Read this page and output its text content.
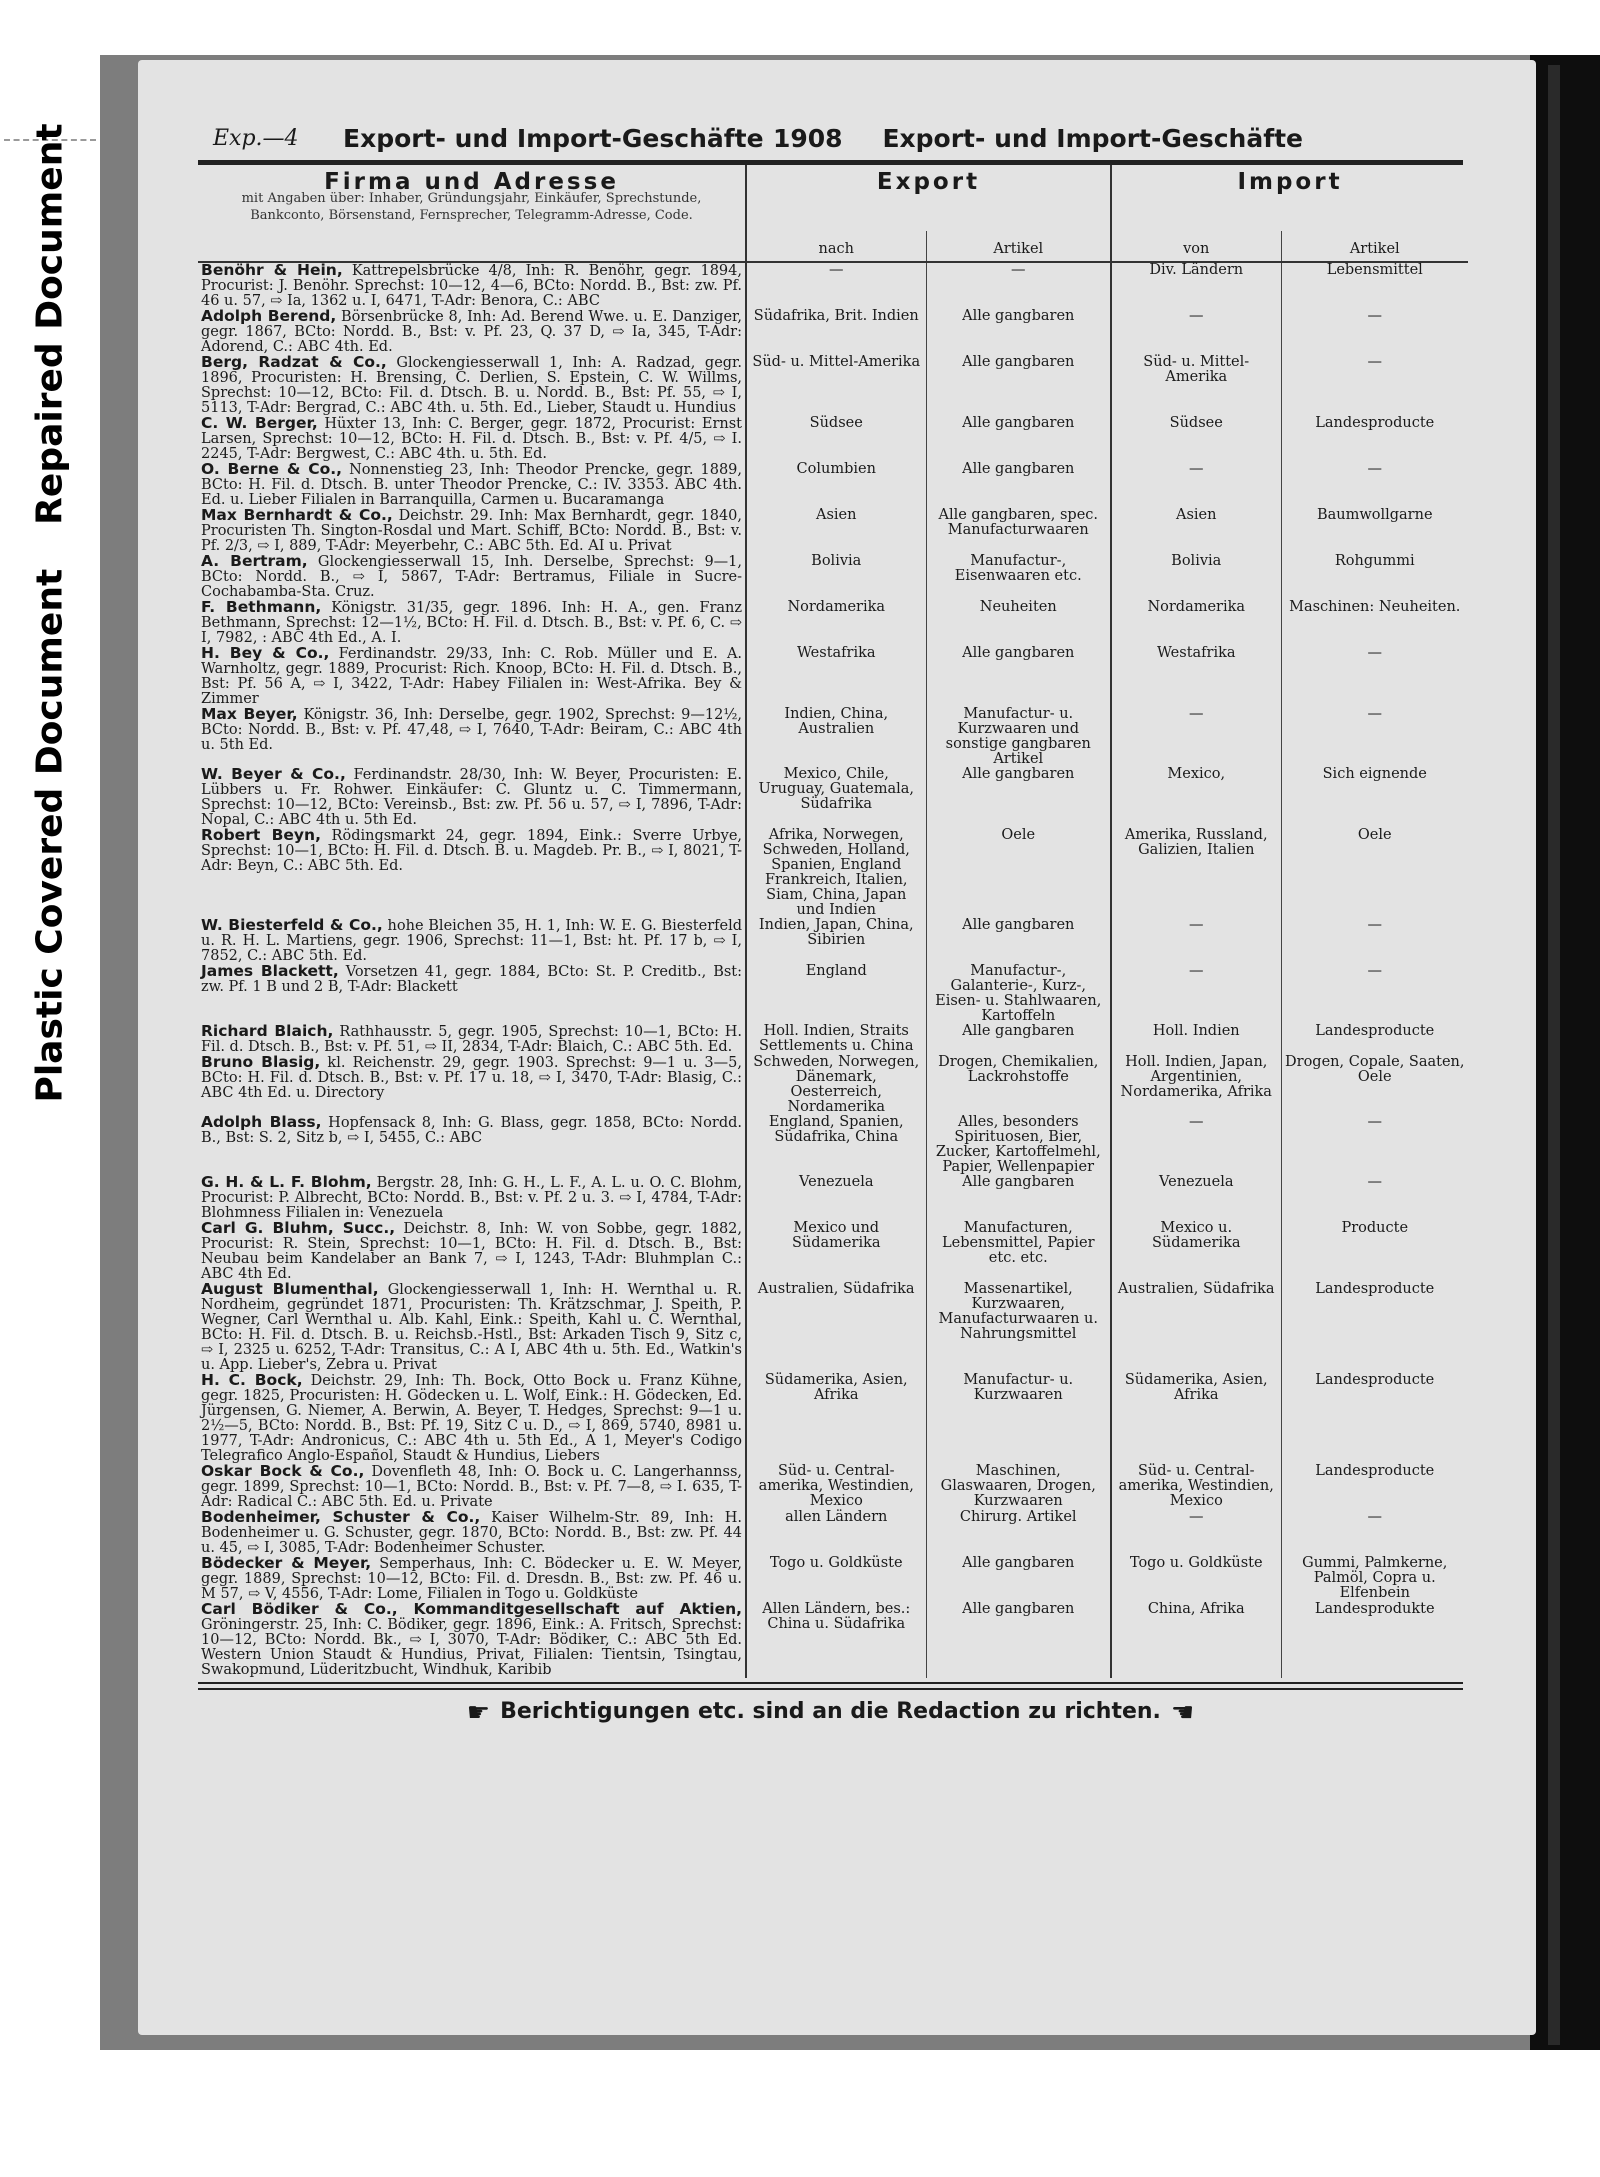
Plastic Covered DocumentRepaired Document	Exp.—4 Export- und Import-Geschäfte 1908 Export- und Import-Geschäfte
Firma und Adresse
mit Angaben über: Inhaber, Gründungsjahr, Einkäufer, Sprechstunde, Bankconto, Börsenstand, Fernsprecher, Telegramm-Adresse, Code.	Export		Import	

	nach	Artikel	von	Artikel
Benöhr & Hein, Kattrepelsbrücke 4/8, Inh: R. Benöhr, gegr. 1894, Procurist: J. Benöhr. Sprechst: 10—12, 4—6, BCto: Nordd. B., Bst: zw. Pf. 46 u. 57, ⇨ Ia, 1362 u. I, 6471, T-Adr: Benora, C.: ABC	—	—	Div. Ländern	Lebensmittel
Adolph Berend, Börsenbrücke 8, Inh: Ad. Berend Wwe. u. E. Danziger, gegr. 1867, BCto: Nordd. B., Bst: v. Pf. 23, Q. 37 D, ⇨ Ia, 345, T-Adr: Adorend, C.: ABC 4th. Ed.	Südafrika, Brit. Indien	Alle gangbaren	—	—
Berg, Radzat & Co., Glockengiesserwall 1, Inh: A. Radzad, gegr. 1896, Procuristen: H. Brensing, C. Derlien, S. Epstein, C. W. Willms, Sprechst: 10—12, BCto: Fil. d. Dtsch. B. u. Nordd. B., Bst: Pf. 55, ⇨ I, 5113, T-Adr: Bergrad, C.: ABC 4th. u. 5th. Ed., Lieber, Staudt u. Hundius	Süd- u. Mittel-Amerika	Alle gangbaren	Süd- u. Mittel-Amerika	—
C. W. Berger, Hüxter 13, Inh: C. Berger, gegr. 1872, Procurist: Ernst Larsen, Sprechst: 10—12, BCto: H. Fil. d. Dtsch. B., Bst: v. Pf. 4/5, ⇨ I. 2245, T-Adr: Bergwest, C.: ABC 4th. u. 5th. Ed.	Südsee	Alle gangbaren	Südsee	Landesproducte
O. Berne & Co., Nonnenstieg 23, Inh: Theodor Prencke, gegr. 1889, BCto: H. Fil. d. Dtsch. B. unter Theodor Prencke, C.: IV. 3353. ABC 4th. Ed. u. Lieber Filialen in Barranquilla, Carmen u. Bucaramanga	Columbien	Alle gangbaren	—	—
Max Bernhardt & Co., Deichstr. 29. Inh: Max Bernhardt, gegr. 1840, Procuristen Th. Sington-Rosdal und Mart. Schiff, BCto: Nordd. B., Bst: v. Pf. 2/3, ⇨ I, 889, T-Adr: Meyerbehr, C.: ABC 5th. Ed. AI u. Privat	Asien	Alle gangbaren, spec. Manufacturwaaren	Asien	Baumwollgarne
A. Bertram, Glockengiesserwall 15, Inh. Derselbe, Sprechst: 9—1, BCto: Nordd. B., ⇨ I, 5867, T-Adr: Bertramus, Filiale in Sucre-Cochabamba-Sta. Cruz.	Bolivia	Manufactur-, Eisenwaaren etc.	Bolivia	Rohgummi
F. Bethmann, Königstr. 31/35, gegr. 1896. Inh: H. A., gen. Franz Bethmann, Sprechst: 12—1½, BCto: H. Fil. d. Dtsch. B., Bst: v. Pf. 6, C. ⇨ I, 7982, : ABC 4th Ed., A. I.	Nordamerika	Neuheiten	Nordamerika	Maschinen: Neuheiten.
H. Bey & Co., Ferdinandstr. 29/33, Inh: C. Rob. Müller und E. A. Warnholtz, gegr. 1889, Procurist: Rich. Knoop, BCto: H. Fil. d. Dtsch. B., Bst: Pf. 56 A, ⇨ I, 3422, T-Adr: Habey Filialen in: West-Afrika. Bey & Zimmer	Westafrika	Alle gangbaren	Westafrika	—
Max Beyer, Königstr. 36, Inh: Derselbe, gegr. 1902, Sprechst: 9—12½, BCto: Nordd. B., Bst: v. Pf. 47,48, ⇨ I, 7640, T-Adr: Beiram, C.: ABC 4th u. 5th Ed.	Indien, China, Australien	Manufactur- u. Kurzwaaren und sonstige gangbaren Artikel	—	—
W. Beyer & Co., Ferdinandstr. 28/30, Inh: W. Beyer, Procuristen: E. Lübbers u. Fr. Rohwer. Einkäufer: C. Gluntz u. C. Timmermann, Sprechst: 10—12, BCto: Vereinsb., Bst: zw. Pf. 56 u. 57, ⇨ I, 7896, T-Adr: Nopal, C.: ABC 4th u. 5th Ed.	Mexico, Chile, Uruguay, Guatemala, Südafrika	Alle gangbaren	Mexico,	Sich eignende
Robert Beyn, Rödingsmarkt 24, gegr. 1894, Eink.: Sverre Urbye, Sprechst: 10—1, BCto: H. Fil. d. Dtsch. B. u. Magdeb. Pr. B., ⇨ I, 8021, T-Adr: Beyn, C.: ABC 5th. Ed.	Afrika, Norwegen, Schweden, Holland, Spanien, England Frankreich, Italien, Siam, China, Japan und Indien	Oele	Amerika, Russland, Galizien, Italien	Oele
W. Biesterfeld & Co., hohe Bleichen 35, H. 1, Inh: W. E. G. Biesterfeld u. R. H. L. Martiens, gegr. 1906, Sprechst: 11—1, Bst: ht. Pf. 17 b, ⇨ I, 7852, C.: ABC 5th. Ed.	Indien, Japan, China, Sibirien	Alle gangbaren	—	—
James Blackett, Vorsetzen 41, gegr. 1884, BCto: St. P. Creditb., Bst: zw. Pf. 1 B und 2 B, T-Adr: Blackett	England	Manufactur-, Galanterie-, Kurz-, Eisen- u. Stahlwaaren, Kartoffeln	—	—
Richard Blaich, Rathhausstr. 5, gegr. 1905, Sprechst: 10—1, BCto: H. Fil. d. Dtsch. B., Bst: v. Pf. 51, ⇨ II, 2834, T-Adr: Blaich, C.: ABC 5th. Ed.	Holl. Indien, Straits Settlements u. China	Alle gangbaren	Holl. Indien	Landesproducte
Bruno Blasig, kl. Reichenstr. 29, gegr. 1903. Sprechst: 9—1 u. 3—5, BCto: H. Fil. d. Dtsch. B., Bst: v. Pf. 17 u. 18, ⇨ I, 3470, T-Adr: Blasig, C.: ABC 4th Ed. u. Directory	Schweden, Norwegen, Dänemark, Oesterreich, Nordamerika	Drogen, Chemikalien, Lackrohstoffe	Holl. Indien, Japan, Argentinien, Nordamerika, Afrika	Drogen, Copale, Saaten, Oele
Adolph Blass, Hopfensack 8, Inh: G. Blass, gegr. 1858, BCto: Nordd. B., Bst: S. 2, Sitz b, ⇨ I, 5455, C.: ABC	England, Spanien, Südafrika, China	Alles, besonders Spirituosen, Bier, Zucker, Kartoffelmehl, Papier, Wellenpapier	—	—
G. H. & L. F. Blohm, Bergstr. 28, Inh: G. H., L. F., A. L. u. O. C. Blohm, Procurist: P. Albrecht, BCto: Nordd. B., Bst: v. Pf. 2 u. 3. ⇨ I, 4784, T-Adr: Blohmness Filialen in: Venezuela	Venezuela	Alle gangbaren	Venezuela	—
Carl G. Bluhm, Succ., Deichstr. 8, Inh: W. von Sobbe, gegr. 1882, Procurist: R. Stein, Sprechst: 10—1, BCto: H. Fil. d. Dtsch. B., Bst: Neubau beim Kandelaber an Bank 7, ⇨ I, 1243, T-Adr: Bluhmplan C.: ABC 4th Ed.	Mexico und Südamerika	Manufacturen, Lebensmittel, Papier etc. etc.	Mexico u. Südamerika	Producte
August Blumenthal, Glockengiesserwall 1, Inh: H. Wernthal u. R. Nordheim, gegründet 1871, Procuristen: Th. Krätzschmar, J. Speith, P. Wegner, Carl Wernthal u. Alb. Kahl, Eink.: Speith, Kahl u. C. Wernthal, BCto: H. Fil. d. Dtsch. B. u. Reichsb.-Hstl., Bst: Arkaden Tisch 9, Sitz c, ⇨ I, 2325 u. 6252, T-Adr: Transitus, C.: A I, ABC 4th u. 5th. Ed., Watkin's u. App. Lieber's, Zebra u. Privat	Australien, Südafrika	Massenartikel, Kurzwaaren, Manufacturwaaren u. Nahrungsmittel	Australien, Südafrika	Landesproducte
H. C. Bock, Deichstr. 29, Inh: Th. Bock, Otto Bock u. Franz Kühne, gegr. 1825, Procuristen: H. Gödecken u. L. Wolf, Eink.: H. Gödecken, Ed. Jürgensen, G. Niemer, A. Berwin, A. Beyer, T. Hedges, Sprechst: 9—1 u. 2½—5, BCto: Nordd. B., Bst: Pf. 19, Sitz C u. D., ⇨ I, 869, 5740, 8981 u. 1977, T-Adr: Andronicus, C.: ABC 4th u. 5th Ed., A 1, Meyer's Codigo Telegrafico Anglo-Español, Staudt & Hundius, Liebers	Südamerika, Asien, Afrika	Manufactur- u. Kurzwaaren	Südamerika, Asien, Afrika	Landesproducte
Oskar Bock & Co., Dovenfleth 48, Inh: O. Bock u. C. Langerhannss, gegr. 1899, Sprechst: 10—1, BCto: Nordd. B., Bst: v. Pf. 7—8, ⇨ I. 635, T-Adr: Radical C.: ABC 5th. Ed. u. Private	Süd- u. Central-amerika, Westindien, Mexico	Maschinen, Glaswaaren, Drogen, Kurzwaaren	Süd- u. Central-amerika, Westindien, Mexico	Landesproducte
Bodenheimer, Schuster & Co., Kaiser Wilhelm-Str. 89, Inh: H. Bodenheimer u. G. Schuster, gegr. 1870, BCto: Nordd. B., Bst: zw. Pf. 44 u. 45, ⇨ I, 3085, T-Adr: Bodenheimer Schuster.	allen Ländern	Chirurg. Artikel	—	—
Bödecker & Meyer, Semperhaus, Inh: C. Bödecker u. E. W. Meyer, gegr. 1889, Sprechst: 10—12, BCto: Fil. d. Dresdn. B., Bst: zw. Pf. 46 u. M 57, ⇨ V, 4556, T-Adr: Lome, Filialen in Togo u. Goldküste	Togo u. Goldküste	Alle gangbaren	Togo u. Goldküste	Gummi, Palmkerne, Palmöl, Copra u. Elfenbein
Carl Bödiker & Co., Kommanditgesellschaft auf Aktien, Gröningerstr. 25, Inh: C. Bödiker, gegr. 1896, Eink.: A. Fritsch, Sprechst: 10—12, BCto: Nordd. Bk., ⇨ I, 3070, T-Adr: Bödiker, C.: ABC 5th Ed. Western Union Staudt & Hundius, Privat, Filialen: Tientsin, Tsingtau, Swakopmund, Lüderitzbucht, Windhuk, Karibib	Allen Ländern, bes.: China u. Südafrika	Alle gangbaren	China, Afrika	Landesprodukte
☛ Berichtigungen etc. sind an die Redaction zu richten. ☚
